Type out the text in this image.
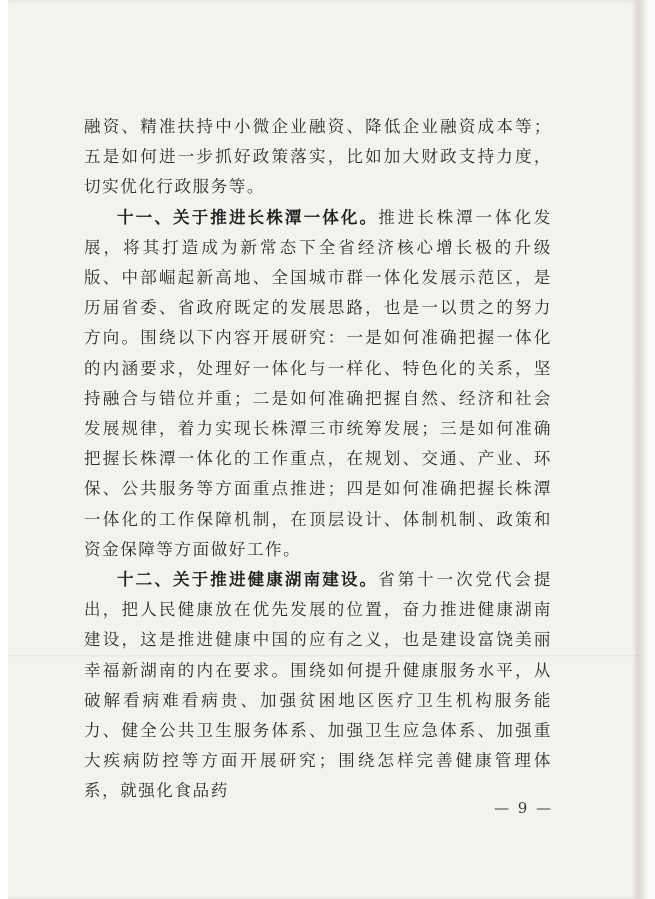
融资、精准扶持中小微企业融资、降低企业融资成本等；五是如何进一步抓好政策落实，比如加大财政支持力度，切实优化行政服务等。

十一、关于推进长株潭一体化。推进长株潭一体化发展，将其打造成为新常态下全省经济核心增长极的升级版、中部崛起新高地、全国城市群一体化发展示范区，是历届省委、省政府既定的发展思路，也是一以贯之的努力方向。围绕以下内容开展研究：一是如何准确把握一体化的内涵要求，处理好一体化与一样化、特色化的关系，坚持融合与错位并重；二是如何准确把握自然、经济和社会发展规律，着力实现长株潭三市统筹发展；三是如何准确把握长株潭一体化的工作重点，在规划、交通、产业、环保、公共服务等方面重点推进；四是如何准确把握长株潭一体化的工作保障机制，在顶层设计、体制机制、政策和资金保障等方面做好工作。

十二、关于推进健康湖南建设。省第十一次党代会提出，把人民健康放在优先发展的位置，奋力推进健康湖南建设，这是推进健康中国的应有之义，也是建设富饶美丽幸福新湖南的内在要求。围绕如何提升健康服务水平，从破解看病难看病贵、加强贫困地区医疗卫生机构服务能力、健全公共卫生服务体系、加强卫生应急体系、加强重大疾病防控等方面开展研究；围绕怎样完善健康管理体系，就强化食品药

— 9 —
